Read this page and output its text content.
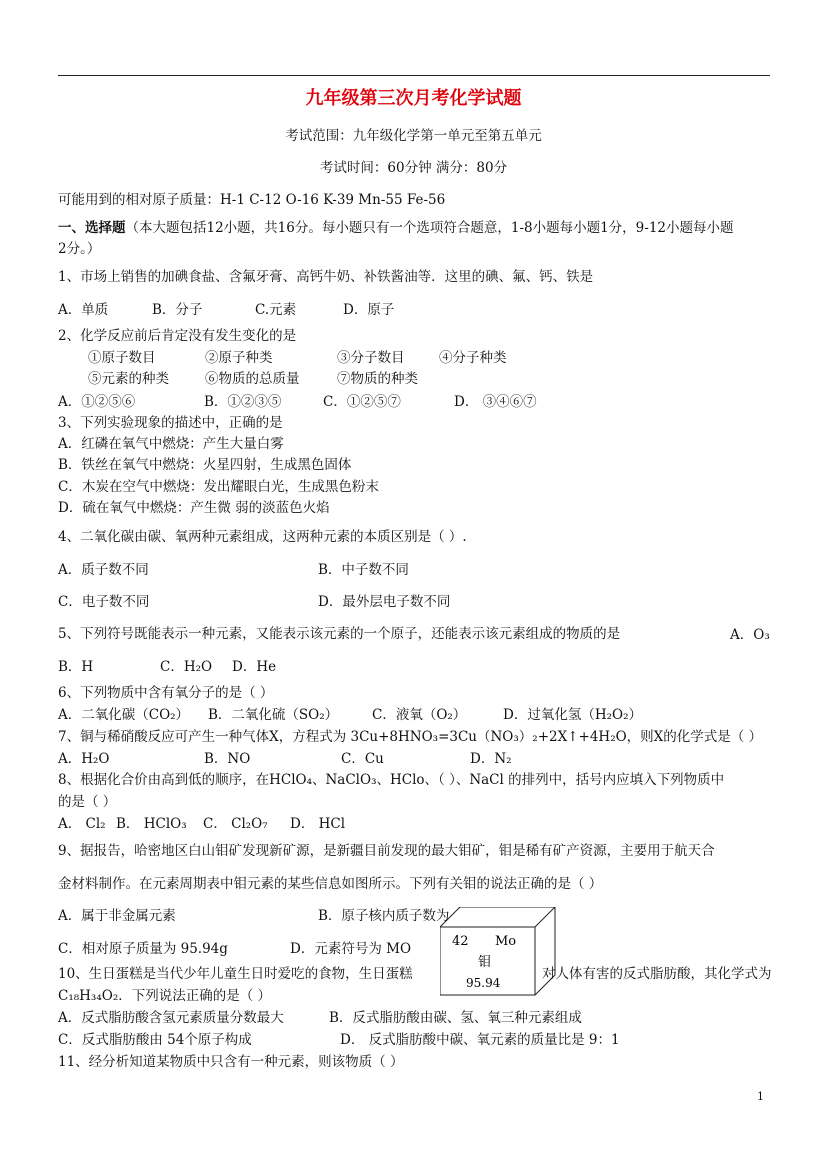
九年级第三次月考化学试题
考试范围：九年级化学第一单元至第五单元
考试时间：60分钟 满分：80分
可能用到的相对原子质量：H-1 C-12 O-16 K-39 Mn-55 Fe-56
一、选择题（本大题包括12小题，共16分。每小题只有一个选项符合题意，1-8小题每小题1分，9-12小题每小题
2分。）
1、市场上销售的加碘食盐、含氟牙膏、高钙牛奶、补铁酱油等．这里的碘、氟、钙、铁是
A．单质	B．分子	C.元素	D．原子
2、化学反应前后肯定没有发生变化的是
①原子数目	②原子种类	③分子数目	④分子种类
⑤元素的种类	⑥物质的总质量	⑦物质的种类
A．①②⑤⑥	B．①②③⑤	C．①②⑤⑦	D． ③④⑥⑦
3、下列实验现象的描述中，正确的是
A．红磷在氧气中燃烧：产生大量白雾
B．铁丝在氧气中燃烧：火星四射，生成黑色固体
C．木炭在空气中燃烧：发出耀眼白光，生成黑色粉末
D．硫在氧气中燃烧：产生微 弱的淡蓝色火焰
4、二氧化碳由碳、氧两种元素组成，这两种元素的本质区别是（ ）.
A．质子数不同	B．中子数不同
C．电子数不同	D．最外层电子数不同
5、下列符号既能表示一种元素，又能表示该元素的一个原子，还能表示该元素组成的物质的是	A．O₃
B．H	C．H₂O D．He
6、下列物质中含有氧分子的是（ ）
A．二氧化碳（CO₂） B．二氧化硫（SO₂）	C．液氧（O₂）	D．过氧化氢（H₂O₂）
7、铜与稀硝酸反应可产生一种气体X，方程式为 3Cu+8HNO₃=3Cu（NO₃）₂+2X↑+4H₂O，则X的化学式是（ ）
A．H₂O	B．NO	C．Cu	D．N₂
8、根据化合价由高到低的顺序，在HClO₄、NaClO₃、HClo、（ ）、NaCl 的排列中，括号内应填入下列物质中
的是（ ）
A． Cl₂ B． HClO₃ C． Cl₂O₇ D． HCl
9、据报告，哈密地区白山钼矿发现新矿源，是新疆目前发现的最大钼矿，钼是稀有矿产资源，主要用于航天合
金材料制作。在元素周期表中钼元素的某些信息如图所示。下列有关钼的说法正确的是（ ）
A．属于非金属元素	B．原子核内质子数为
C．相对原子质量为 95.94g	D．元素符号为 MO	42 Mo
钼
95.94
10、生日蛋糕是当代少年儿童生日时爱吃的食物，生日蛋糕	对人体有害的反式脂肪酸，其化学式为
C₁₈H₃₄O₂．下列说法正确的是（ ）
A．反式脂肪酸含氢元素质量分数最大	B．反式脂肪酸由碳、氢、氧三种元素组成
C．反式脂肪酸由 54个原子构成	D． 反式脂肪酸中碳、氧元素的质量比是 9：1
11、经分析知道某物质中只含有一种元素，则该物质（ ）
1
